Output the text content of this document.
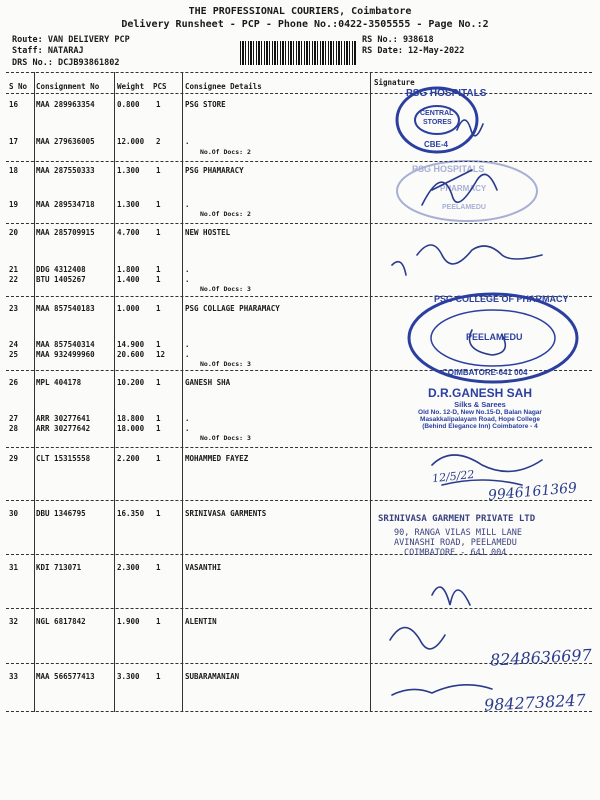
THE PROFESSIONAL COURIERS, Coimbatore
Delivery Runsheet - PCP - Phone No.:0422-3505555 - Page No.:2
Route: VAN DELIVERY PCP
Staff: NATARAJ
DRS No.: DCJB93861802
RS No.: 938618
RS Date: 12-May-2022
S No Consignment No Weight PCS Consignee Details	Signature
16 MAA 289963354	0.800 1	PSG STORE
17 MAA 279636005	12.000 2	.
No.Of Docs: 2
18 MAA 287550333	1.300 1	PSG PHAMARACY
19 MAA 289534718	1.300 1	.
No.Of Docs: 2
20 MAA 285709915	4.700 1	NEW HOSTEL
21 DDG 4312408	1.800 1	.
22 BTU 1405267	1.400 1	.
No.Of Docs: 3
23 MAA 857540183	1.000 1	PSG COLLAGE PHARAMACY
24 MAA 857540314	14.900 1	.
25 MAA 932499960	20.600 12	.
No.Of Docs: 3
26 MPL 404178	10.200 1	GANESH SHA
27 ARR 30277641	18.800 1	.
28 ARR 30277642	18.000 1	.
No.Of Docs: 3
29 CLT 15315558	2.200 1	MOHAMMED FAYEZ
30 DBU 1346795	16.350 1	SRINIVASA GARMENTS
31 KDI 713071	2.300 1	VASANTHI
32 NGL 6817842	1.900 1	ALENTIN
33 MAA 566577413	3.300 1	SUBARAMANIAN
PSG HOSPITALS
CENTRAL
STORES
CBE-4
PSG HOSPITALS
PHARMACY
PEELAMEDU
PSG COLLEGE OF PHARMACY
PEELAMEDU
COIMBATORE-641 004
D.R.GANESH SAH
Silks & Sarees
Old No. 12-D, New No.15-D, Balan Nagar
Masakkalipalayam Road, Hope College
(Behind Elegance Inn) Coimbatore - 4
SRINIVASA GARMENT PRIVATE LTD
90, RANGA VILAS MILL LANE
AVINASHI ROAD, PEELAMEDU
COIMBATORE - 641 004
12/5/22
9946161369
8248636697
9842738247
